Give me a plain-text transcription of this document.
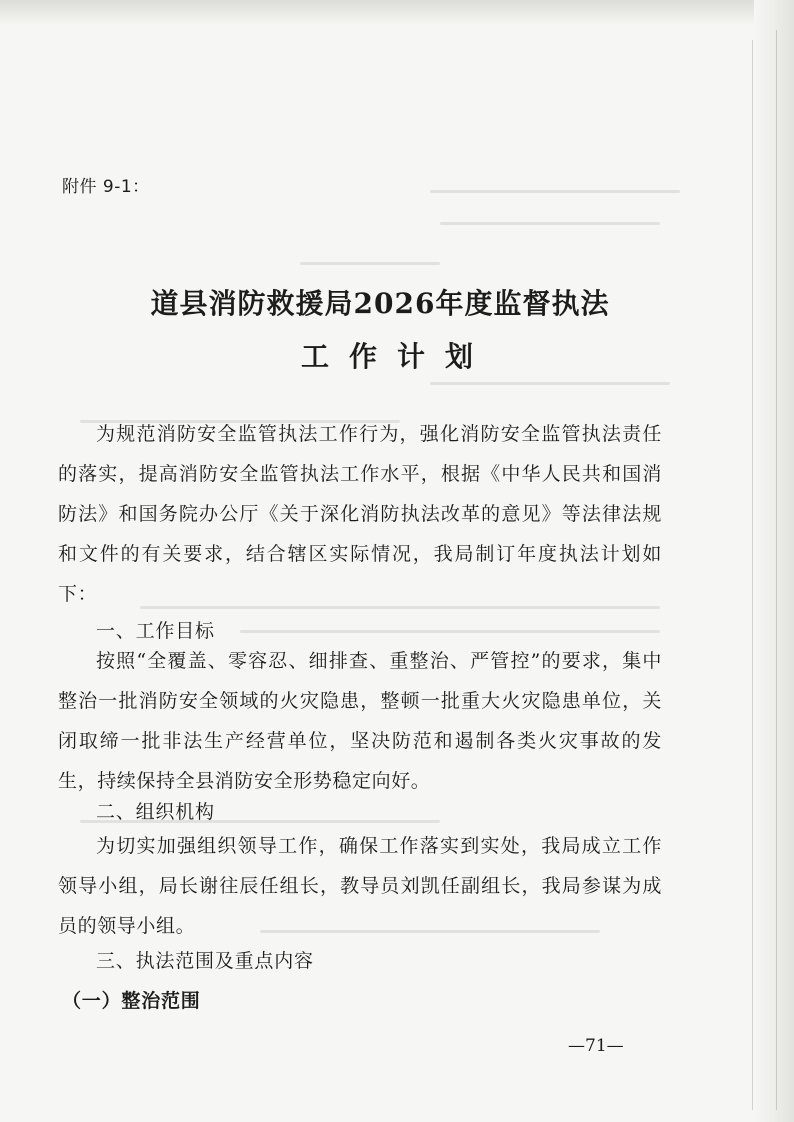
附件 9-1：

道县消防救援局2026年度监督执法
工作计划

为规范消防安全监管执法工作行为，强化消防安全监管执法责任的落实，提高消防安全监管执法工作水平，根据《中华人民共和国消防法》和国务院办公厅《关于深化消防执法改革的意见》等法律法规和文件的有关要求，结合辖区实际情况，我局制订年度执法计划如下：

一、工作目标

按照“全覆盖、零容忍、细排查、重整治、严管控”的要求，集中整治一批消防安全领域的火灾隐患，整顿一批重大火灾隐患单位，关闭取缔一批非法生产经营单位，坚决防范和遏制各类火灾事故的发生，持续保持全县消防安全形势稳定向好。

二、组织机构

为切实加强组织领导工作，确保工作落实到实处，我局成立工作领导小组，局长谢往辰任组长，教导员刘凯任副组长，我局参谋为成员的领导小组。

三、执法范围及重点内容

（一）整治范围

—71—
